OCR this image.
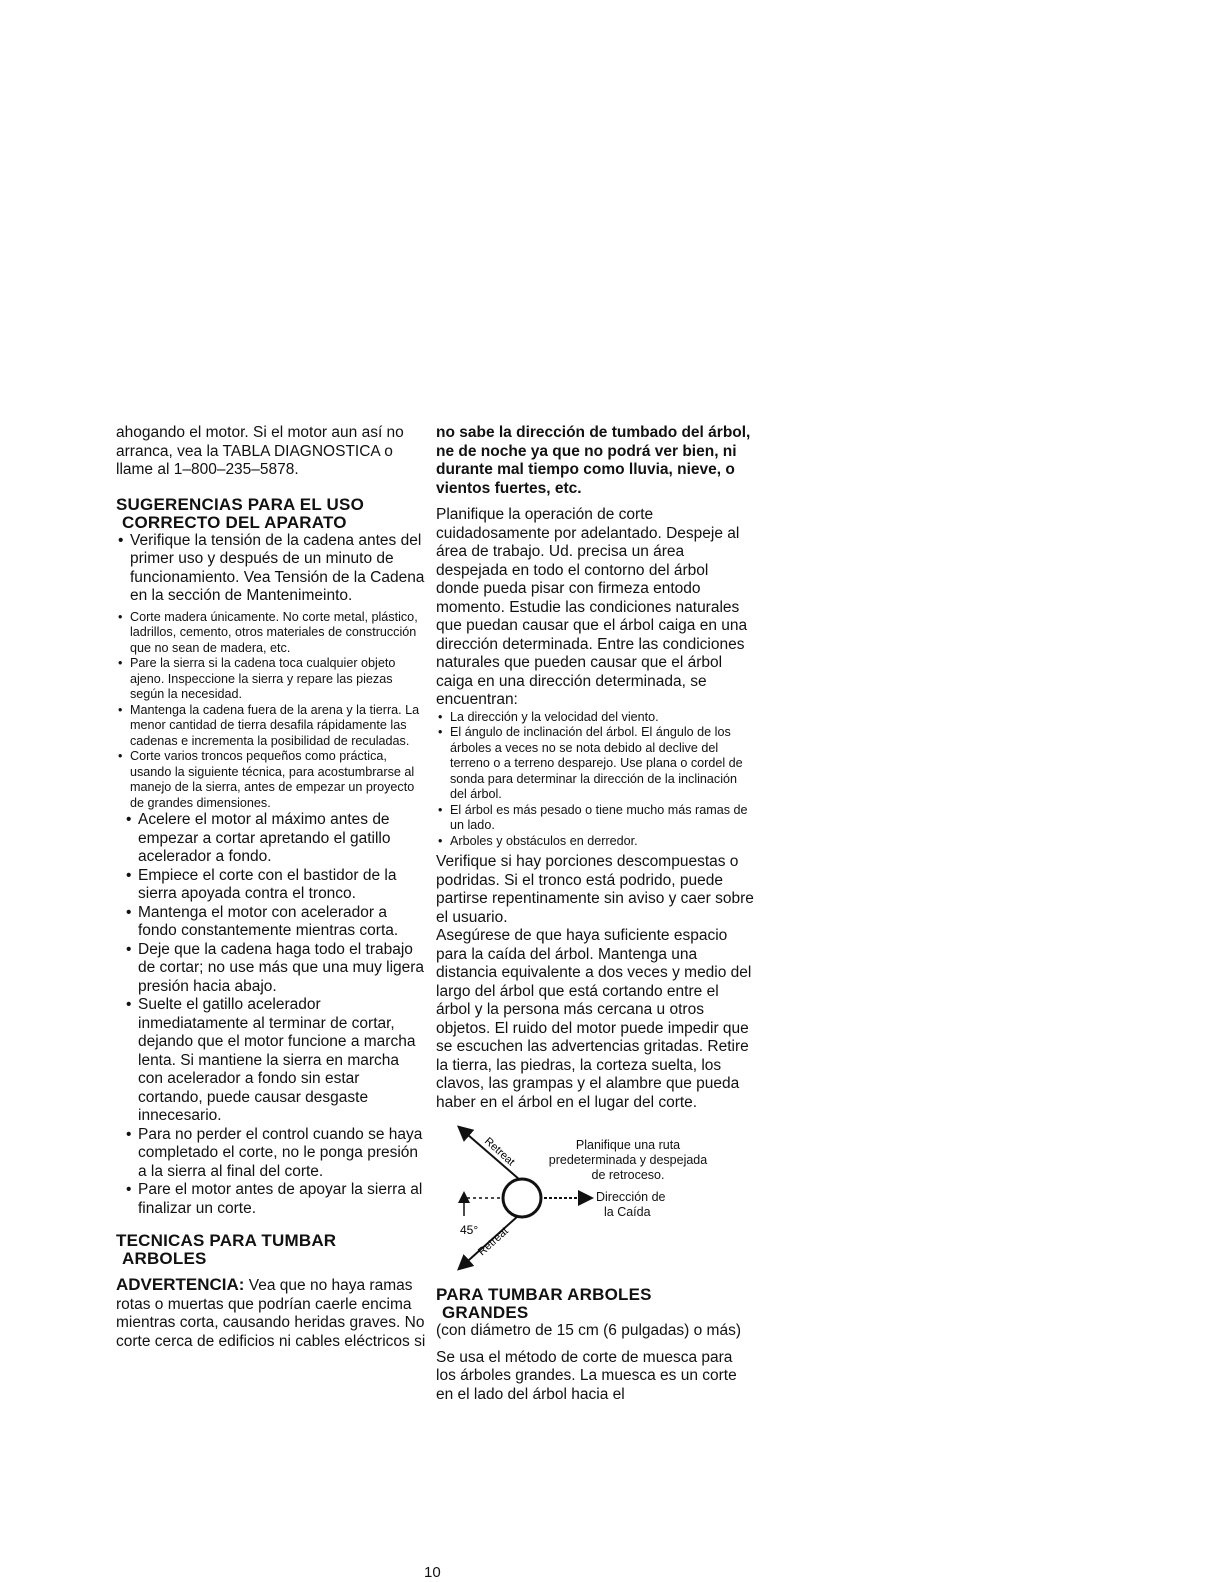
ahogando el motor. Si el motor aun así no arranca, vea la TABLA DIAGNOSTICA o llame al 1–800–235–5878.

SUGERENCIAS PARA EL USO
CORRECTO DEL APARATO
• Verifique la tensión de la cadena antes del primer uso y después de un minuto de funcionamiento. Vea Tensión de la Cadena en la sección de Mantenimeinto.
• Corte madera únicamente. No corte metal, plástico, ladrillos, cemento, otros materiales de construcción que no sean de madera, etc.
• Pare la sierra si la cadena toca cualquier objeto ajeno. Inspeccione la sierra y repare las piezas según la necesidad.
• Mantenga la cadena fuera de la arena y la tierra. La menor cantidad de tierra desafila rápidamente las cadenas e incrementa la posibilidad de reculadas.
• Corte varios troncos pequeños como práctica, usando la siguiente técnica, para acostumbrarse al manejo de la sierra, antes de empezar un proyecto de grandes dimensiones.
• Acelere el motor al máximo antes de empezar a cortar apretando el gatillo acelerador a fondo.
• Empiece el corte con el bastidor de la sierra apoyada contra el tronco.
• Mantenga el motor con acelerador a fondo constantemente mientras corta.
• Deje que la cadena haga todo el trabajo de cortar; no use más que una muy ligera presión hacia abajo.
• Suelte el gatillo acelerador inmediatamente al terminar de cortar, dejando que el motor funcione a marcha lenta. Si mantiene la sierra en marcha con acelerador a fondo sin estar cortando, puede causar desgaste innecesario.
• Para no perder el control cuando se haya completado el corte, no le ponga presión a la sierra al final del corte.
• Pare el motor antes de apoyar la sierra al finalizar un corte.
TECNICAS PARA TUMBAR
ARBOLES

ADVERTENCIA: Vea que no haya ramas rotas o muertas que podrían caerle encima mientras corta, causando heridas graves. No corte cerca de edificios ni cables eléctricos si

no sabe la dirección de tumbado del árbol, ne de noche ya que no podrá ver bien, ni durante mal tiempo como lluvia, nieve, o vientos fuertes, etc.

Planifique la operación de corte cuidadosamente por adelantado. Despeje al área de trabajo. Ud. precisa un área despejada en todo el contorno del árbol donde pueda pisar con firmeza entodo momento. Estudie las condiciones naturales que puedan causar que el árbol caiga en una dirección determinada. Entre las condiciones naturales que pueden causar que el árbol caiga en una dirección determinada, se encuentran:

• La dirección y la velocidad del viento.
• El ángulo de inclinación del árbol. El ángulo de los árboles a veces no se nota debido al declive del terreno o a terreno desparejo. Use plana o cordel de sonda para determinar la dirección de la inclinación del árbol.
• El árbol es más pesado o tiene mucho más ramas de un lado.
• Arboles y obstáculos en derredor.

Verifique si hay porciones descompuestas o podridas. Si el tronco está podrido, puede partirse repentinamente sin aviso y caer sobre el usuario.

Asegúrese de que haya suficiente espacio para la caída del árbol. Mantenga una distancia equivalente a dos veces y medio del largo del árbol que está cortando entre el árbol y la persona más cercana u otros objetos. El ruido del motor puede impedir que se escuchen las advertencias gritadas. Retire la tierra, las piedras, la corteza suelta, los clavos, las grampas y el alambre que pueda haber en el árbol en el lugar del corte.

Retreat
Retreat
45°
Planifique una ruta
predeterminada y despejada
de retroceso.
Dirección de
la Caída
PARA TUMBAR ARBOLES
GRANDES

(con diámetro de 15 cm (6 pulgadas) o más)

Se usa el método de corte de muesca para los árboles grandes. La muesca es un corte en el lado del árbol hacia el

10
